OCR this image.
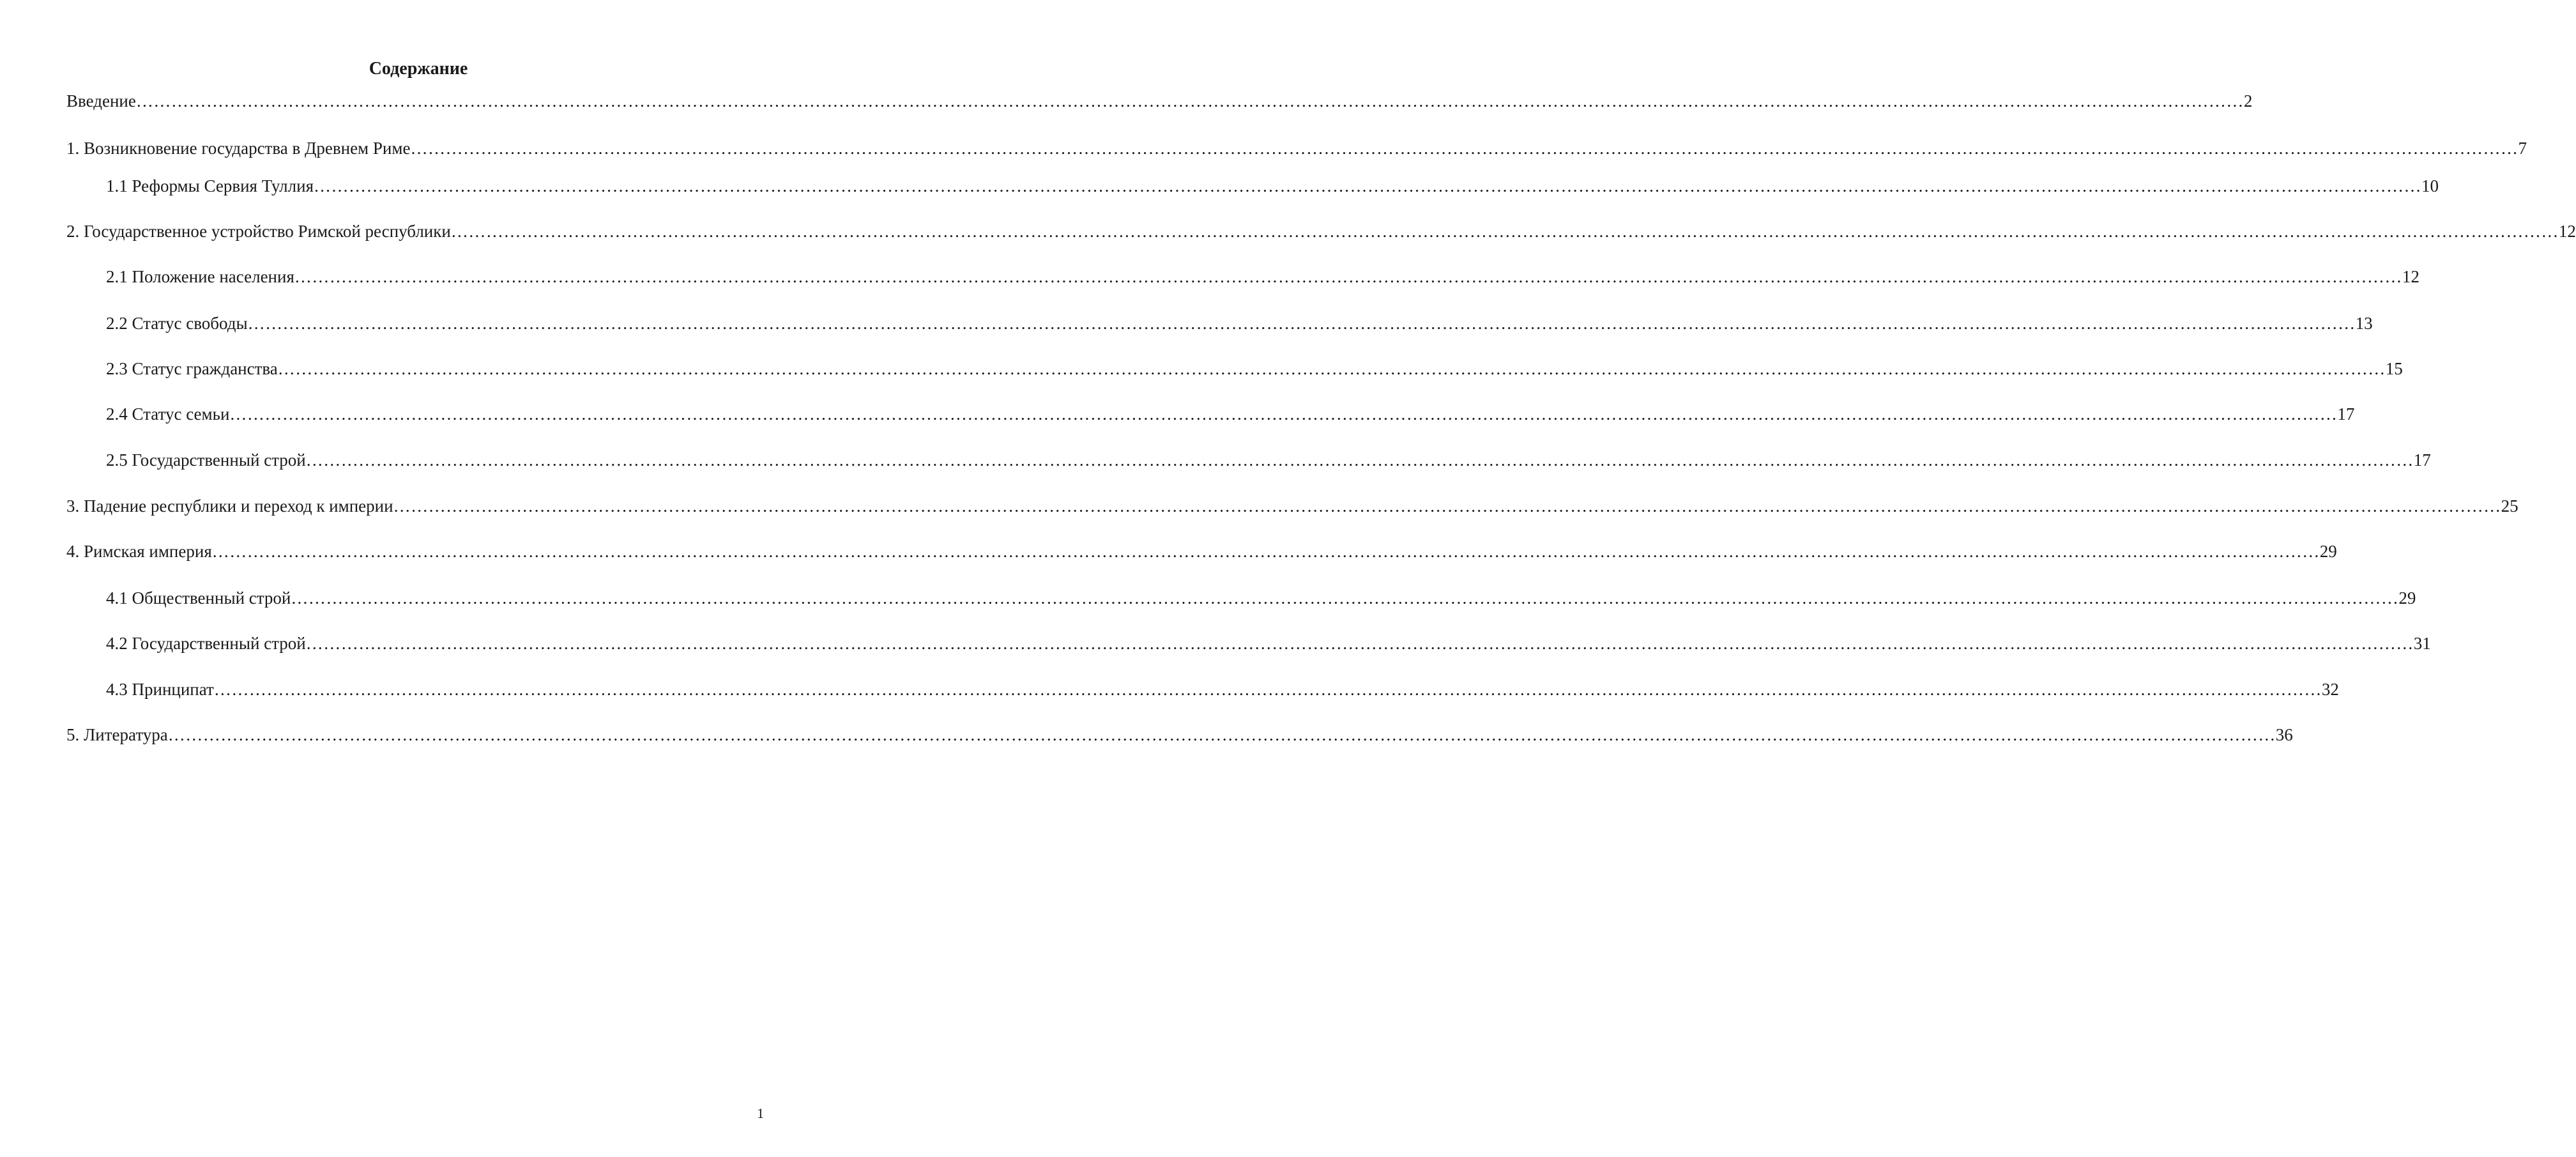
Содержание
Введение ……………………………………………………………………………………………………………………………………………………………………………………………………………………………………………………………………………………………………………………………… 2
1. Возникновение государства в Древнем Риме ……………………………………………………………………………………………………………………………………………………………………………………………………………………………………………………………………………………………………………………………… 7
1.1 Реформы Сервия Туллия ……………………………………………………………………………………………………………………………………………………………………………………………………………………………………………………………………………………………………………………………… 10
2. Государственное устройство Римской республики ……………………………………………………………………………………………………………………………………………………………………………………………………………………………………………………………………………………………………………………………… 12
2.1 Положение населения ……………………………………………………………………………………………………………………………………………………………………………………………………………………………………………………………………………………………………………………………… 12
2.2 Статус свободы ……………………………………………………………………………………………………………………………………………………………………………………………………………………………………………………………………………………………………………………………… 13
2.3 Статус гражданства ……………………………………………………………………………………………………………………………………………………………………………………………………………………………………………………………………………………………………………………………… 15
2.4 Статус семьи ……………………………………………………………………………………………………………………………………………………………………………………………………………………………………………………………………………………………………………………………… 17
2.5 Государственный строй ……………………………………………………………………………………………………………………………………………………………………………………………………………………………………………………………………………………………………………………………… 17
3. Падение республики и переход к империи ……………………………………………………………………………………………………………………………………………………………………………………………………………………………………………………………………………………………………………………………… 25
4. Римская империя ……………………………………………………………………………………………………………………………………………………………………………………………………………………………………………………………………………………………………………………………… 29
4.1 Общественный строй ……………………………………………………………………………………………………………………………………………………………………………………………………………………………………………………………………………………………………………………………… 29
4.2 Государственный строй ……………………………………………………………………………………………………………………………………………………………………………………………………………………………………………………………………………………………………………………………… 31
4.3 Принципат ……………………………………………………………………………………………………………………………………………………………………………………………………………………………………………………………………………………………………………………………… 32
5. Литература ……………………………………………………………………………………………………………………………………………………………………………………………………………………………………………………………………………………………………………………………… 36
1
